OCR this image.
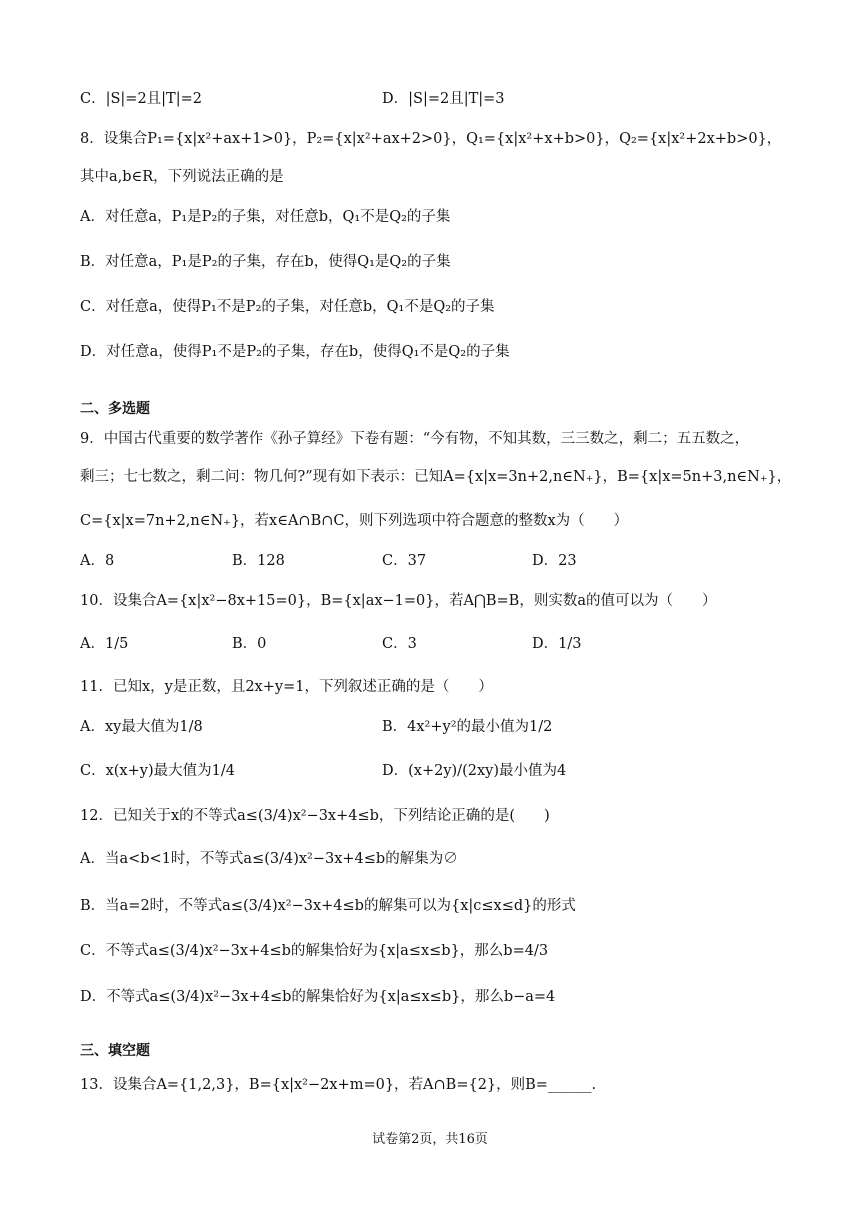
C．|S|=2且|T|=2	D．|S|=2且|T|=3
8．设集合P₁={x|x²+ax+1>0}，P₂={x|x²+ax+2>0}，Q₁={x|x²+x+b>0}，Q₂={x|x²+2x+b>0}，
其中a,b∈R，下列说法正确的是
A．对任意a，P₁是P₂的子集，对任意b，Q₁不是Q₂的子集
B．对任意a，P₁是P₂的子集，存在b，使得Q₁是Q₂的子集
C．对任意a，使得P₁不是P₂的子集，对任意b，Q₁不是Q₂的子集
D．对任意a，使得P₁不是P₂的子集，存在b，使得Q₁不是Q₂的子集
二、多选题
9．中国古代重要的数学著作《孙子算经》下卷有题：“今有物，不知其数，三三数之，剩二；五五数之，
剩三；七七数之，剩二问：物几何?”现有如下表示：已知A={x|x=3n+2,n∈N₊}，B={x|x=5n+3,n∈N₊}，
C={x|x=7n+2,n∈N₊}，若x∈A∩B∩C，则下列选项中符合题意的整数x为（　　）
A．8	B．128	C．37	D．23
10．设集合A={x|x²−8x+15=0}，B={x|ax−1=0}，若A⋂B=B，则实数a的值可以为（　　）
A．1/5	B．0	C．3	D．1/3
11．已知x，y是正数，且2x+y=1，下列叙述正确的是（　　）
A．xy最大值为1/8	B．4x²+y²的最小值为1/2
C．x(x+y)最大值为1/4	D．(x+2y)/(2xy)最小值为4
12．已知关于x的不等式a≤(3/4)x²−3x+4≤b，下列结论正确的是(　　)
A．当a<b<1时，不等式a≤(3/4)x²−3x+4≤b的解集为∅
B．当a=2时，不等式a≤(3/4)x²−3x+4≤b的解集可以为{x|c≤x≤d}的形式
C．不等式a≤(3/4)x²−3x+4≤b的解集恰好为{x|a≤x≤b}，那么b=4/3
D．不等式a≤(3/4)x²−3x+4≤b的解集恰好为{x|a≤x≤b}，那么b−a=4
三、填空题
13．设集合A={1,2,3}，B={x|x²−2x+m=0}，若A∩B={2}，则B=______.
试卷第2页，共16页
